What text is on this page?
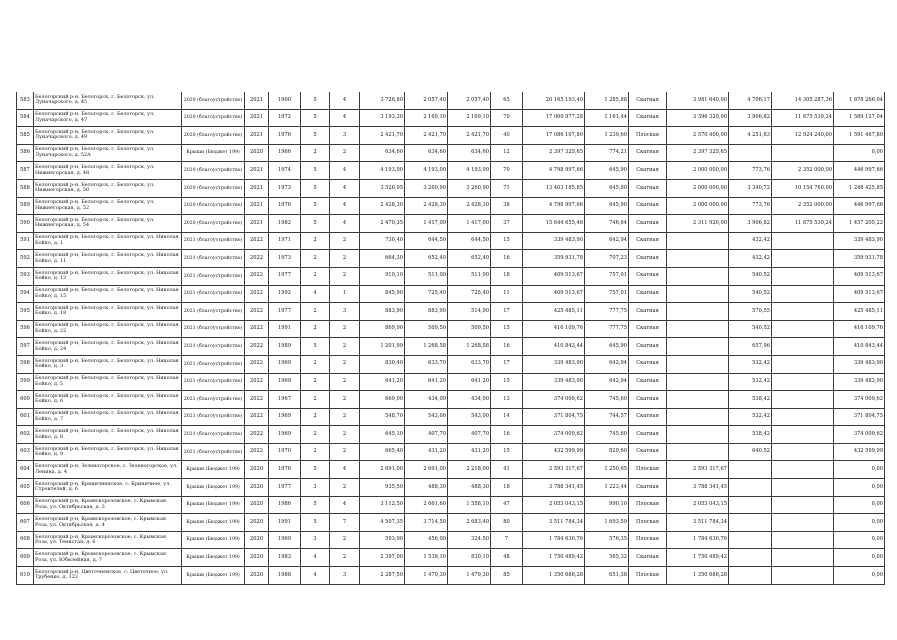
583	Белогорский р-н, Белогорск, г. Белогорск, ул. Луначарского, д. 45	2020 (благоустройство)	2021	1900	5	4	3 726,80	2 057,40	2 057,40	65	20 165 193,40	1 285,88	Скатная	3 981 640,00	4 706,17	14 305 287,36	1 878 266,04
584	Белогорский р-н, Белогорск, г. Белогорск, ул. Луначарского, д. 47	2020 (благоустройство)	2021	1972	5	4	3 193,20	2 169,10	2 169,10	70	17 060 977,28	1 161,44	Скатная	3 396 320,00	3 906,82	11 875 530,24	1 589 127,04
585	Белогорский р-н, Белогорск, г. Белогорск, ул. Луначарского, д. 49	2020 (благоустройство)	2021	1976	5	3	2 421,70	2 421,70	2 421,70	40	17 086 107,80	1 239,60	Плоская	2 570 400,00	4 251,83	12 924 240,00	1 591 467,80
586	Белогорский р-н, Белогорск, г. Белогорск, ул. Луначарского, д. 52А	Крыши (Бюджет 199)	2020	1966	2	2	634,60	634,60	634,60	12	2 397 325,65	774,21	Скатная	2 397 325,65			0,00
587	Белогорский р-н, Белогорск, г. Белогорск, ул. Нижнегорская, д. 48	2020 (благоустройство)	2021	1974	5	4	4 193,00	4 193,00	4 193,00	70	4 798 997,66	645,90	Скатная	2 000 000,00	773,76	2 352 000,00	446 997,66
588	Белогорский р-н, Белогорск, г. Белогорск, ул. Нижнегорская, д. 50	2020 (благоустройство)	2021	1973	5	4	3 526,95	3 260,90	3 260,90	71	13 403 185,85	645,90	Скатная	2 000 000,00	3 340,72	10 154 760,00	1 248 425,85
589	Белогорский р-н, Белогорск, г. Белогорск, ул. Нижнегорская, д. 52	2020 (благоустройство)	2021	1976	5	4	2 428,30	2 428,30	2 428,30	38	4 798 997,66	645,90	Скатная	2 000 000,00	773,76	2 352 000,00	446 997,66
590	Белогорский р-н, Белогорск, г. Белогорск, ул. Нижнегорская, д. 54	2020 (благоустройство)	2021	1982	5	4	2 470,35	1 417,00	1 417,00	37	15 644 655,46	746,64	Скатная	2 311 920,00	3 906,82	11 875 530,24	1 457 205,22
591	Белогорский р-н, Белогорск, г. Белогорск, ул. Николая Бойко, д. 1	2021 (благоустройство)	2022	1971	2	2	730,40	644,50	644,50	15	339 483,90	642,94	Скатная		432,42		339 483,90
592	Белогорский р-н, Белогорск, г. Белогорск, ул. Николая Бойко, д. 11	2021 (благоустройство)	2022	1973	2	2	664,30	652,40	652,40	16	359 931,78	707,23	Скатная		432,42		359 931,78
593	Белогорский р-н, Белогорск, г. Белогорск, ул. Николая Бойко, д. 13	2021 (благоустройство)	2022	1977	2	2	910,10	511,00	511,00	18	409 513,67	757,01	Скатная		540,52		409 513,67
594	Белогорский р-н, Белогорск, г. Белогорск, ул. Николая Бойко, д. 15	2021 (благоустройство)	2022	1992	4	1	845,90	725,40	725,40	11	409 513,67	757,01	Скатная		540,52		409 513,67
595	Белогорский р-н, Белогорск, г. Белогорск, ул. Николая Бойко, д. 18	2021 (благоустройство)	2022	1977	2	3	883,90	883,90	514,90	17	425 485,11	777,75	Скатная		570,55		425 485,11
596	Белогорский р-н, Белогорск, г. Белогорск, ул. Николая Бойко, д. 22	2021 (благоустройство)	2022	1991	2	2	869,90	509,50	509,50	15	416 109,76	777,75	Скатная		540,52		416 109,76
597	Белогорский р-н, Белогорск, г. Белогорск, ул. Николая Бойко, д. 24	2021 (благоустройство)	2022	1989	5	2	1 201,99	1 268,58	1 268,58	16	410 843,44	645,90	Скатная		657,96		410 843,44
598	Белогорский р-н, Белогорск, г. Белогорск, ул. Николая Бойко, д. 3	2021 (благоустройство)	2022	1969	2	2	830,40	633,70	633,70	17	339 483,90	642,94	Скатная		532,42		339 483,90
599	Белогорский р-н, Белогорск, г. Белогорск, ул. Николая Бойко, д. 5	2021 (благоустройство)	2022	1969	2	2	641,20	641,20	641,20	15	339 483,90	642,94	Скатная		532,42		339 483,90
600	Белогорский р-н, Белогорск, г. Белогорск, ул. Николая Бойко, д. 6	2021 (благоустройство)	2022	1967	2	2	669,00	434,00	434,00	13	374 009,62	745,60	Скатная		538,42		374 009,62
601	Белогорский р-н, Белогорск, г. Белогорск, ул. Николая Бойко, д. 7	2021 (благоустройство)	2022	1969	2	2	548,70	543,00	543,00	14	371 804,75	744,57	Скатная		532,42		371 804,75
602	Белогорский р-н, Белогорск, г. Белогорск, ул. Николая Бойко, д. 8	2021 (благоустройство)	2022	1969	2	2	645,10	407,70	407,70	16	374 009,62	745,60	Скатная		538,42		374 009,62
603	Белогорский р-н, Белогорск, г. Белогорск, ул. Николая Бойко, д. 9	2021 (благоустройство)	2022	1970	2	2	665,40	431,20	431,20	15	432 599,99	829,60	Скатная		640,52		432 599,99
604	Белогорский р-н, Зеленогорское, с. Зеленогорское, ул. Ленина, д. 4	Крыши (Бюджет 199)	2020	1976	5	4	2 691,00	2 691,00	2 218,00	41	2 593 317,67	1 250,65	Плоская	2 593 317,67			0,00
605	Белогорский р-н, Криничненское, с. Криничное, ул. Строителей, д. 6	Крыши (Бюджет 199)	2020	1977	3	2	935,50	488,30	488,30	18	3 788 341,45	1 223,44	Скатная	3 788 341,45			0,00
606	Белогорский р-н, Крымскорозовское, с. Крымская Роза, ул. Октябрьская, д. 3	Крыши (Бюджет 199)	2020	1986	5	4	3 112,50	2 661,60	1 558,10	47	2 053 043,15	990,10	Плоская	2 053 043,15			0,00
607	Белогорский р-н, Крымскорозовское, с. Крымская Роза, ул. Октябрьская, д. 4	Крыши (Бюджет 199)	2020	1991	5	7	4 507,35	3 714,50	2 683,40	80	3 511 784,34	1 693,59	Плоская	3 511 784,34			0,00
608	Белогорский р-н, Крымскорозовское, с. Крымская Роза, ул. Тенистая, д. 6	Крыши (Бюджет 199)	2020	1969	3	2	593,90	456,00	324,50	7	1 784 630,76	576,35	Плоская	1 784 630,76			0,00
609	Белогорский р-н, Крымскорозовское, с. Крымская Роза, ул. Юбилейная, д. 7	Крыши (Бюджет 199)	2020	1983	4	2	2 397,00	1 538,10	830,10	48	1 750 489,42	565,32	Скатная	1 750 489,42			0,00
610	Белогорский р-н, Цветочненское, с. Цветочное, ул. Трубенко, д. 122	Крыши (Бюджет 199)	2020	1988	4	3	2 287,50	1 479,30	1 479,30	85	1 350 686,28	651,38	Плоская	1 350 686,28			0,00
